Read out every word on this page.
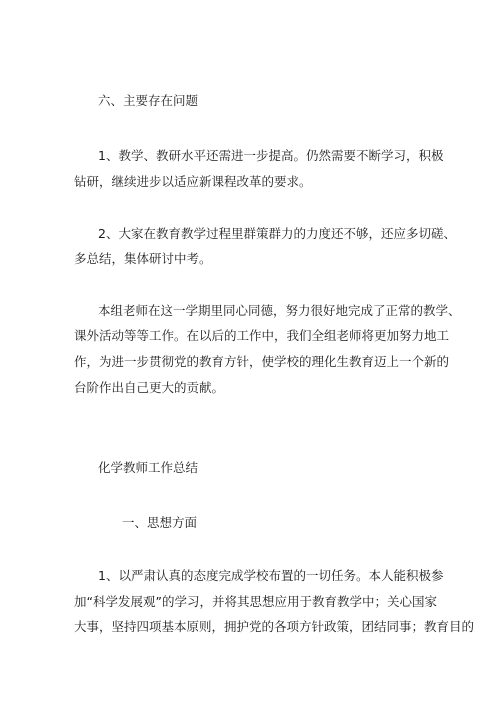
六、主要存在问题
1、教学、教研水平还需进一步提高。仍然需要不断学习，积极
钻研，继续进步以适应新课程改革的要求。
2、大家在教育教学过程里群策群力的力度还不够，还应多切磋、
多总结，集体研讨中考。
本组老师在这一学期里同心同德，努力很好地完成了正常的教学、
课外活动等等工作。在以后的工作中，我们全组老师将更加努力地工
作，为进一步贯彻党的教育方针，使学校的理化生教育迈上一个新的
台阶作出自己更大的贡献。
化学教师工作总结
一、思想方面
1、以严肃认真的态度完成学校布置的一切任务。本人能积极参
加“科学发展观”的学习，并将其思想应用于教育教学中；关心国家
大事，坚持四项基本原则，拥护党的各项方针政策，团结同事；教育目的
